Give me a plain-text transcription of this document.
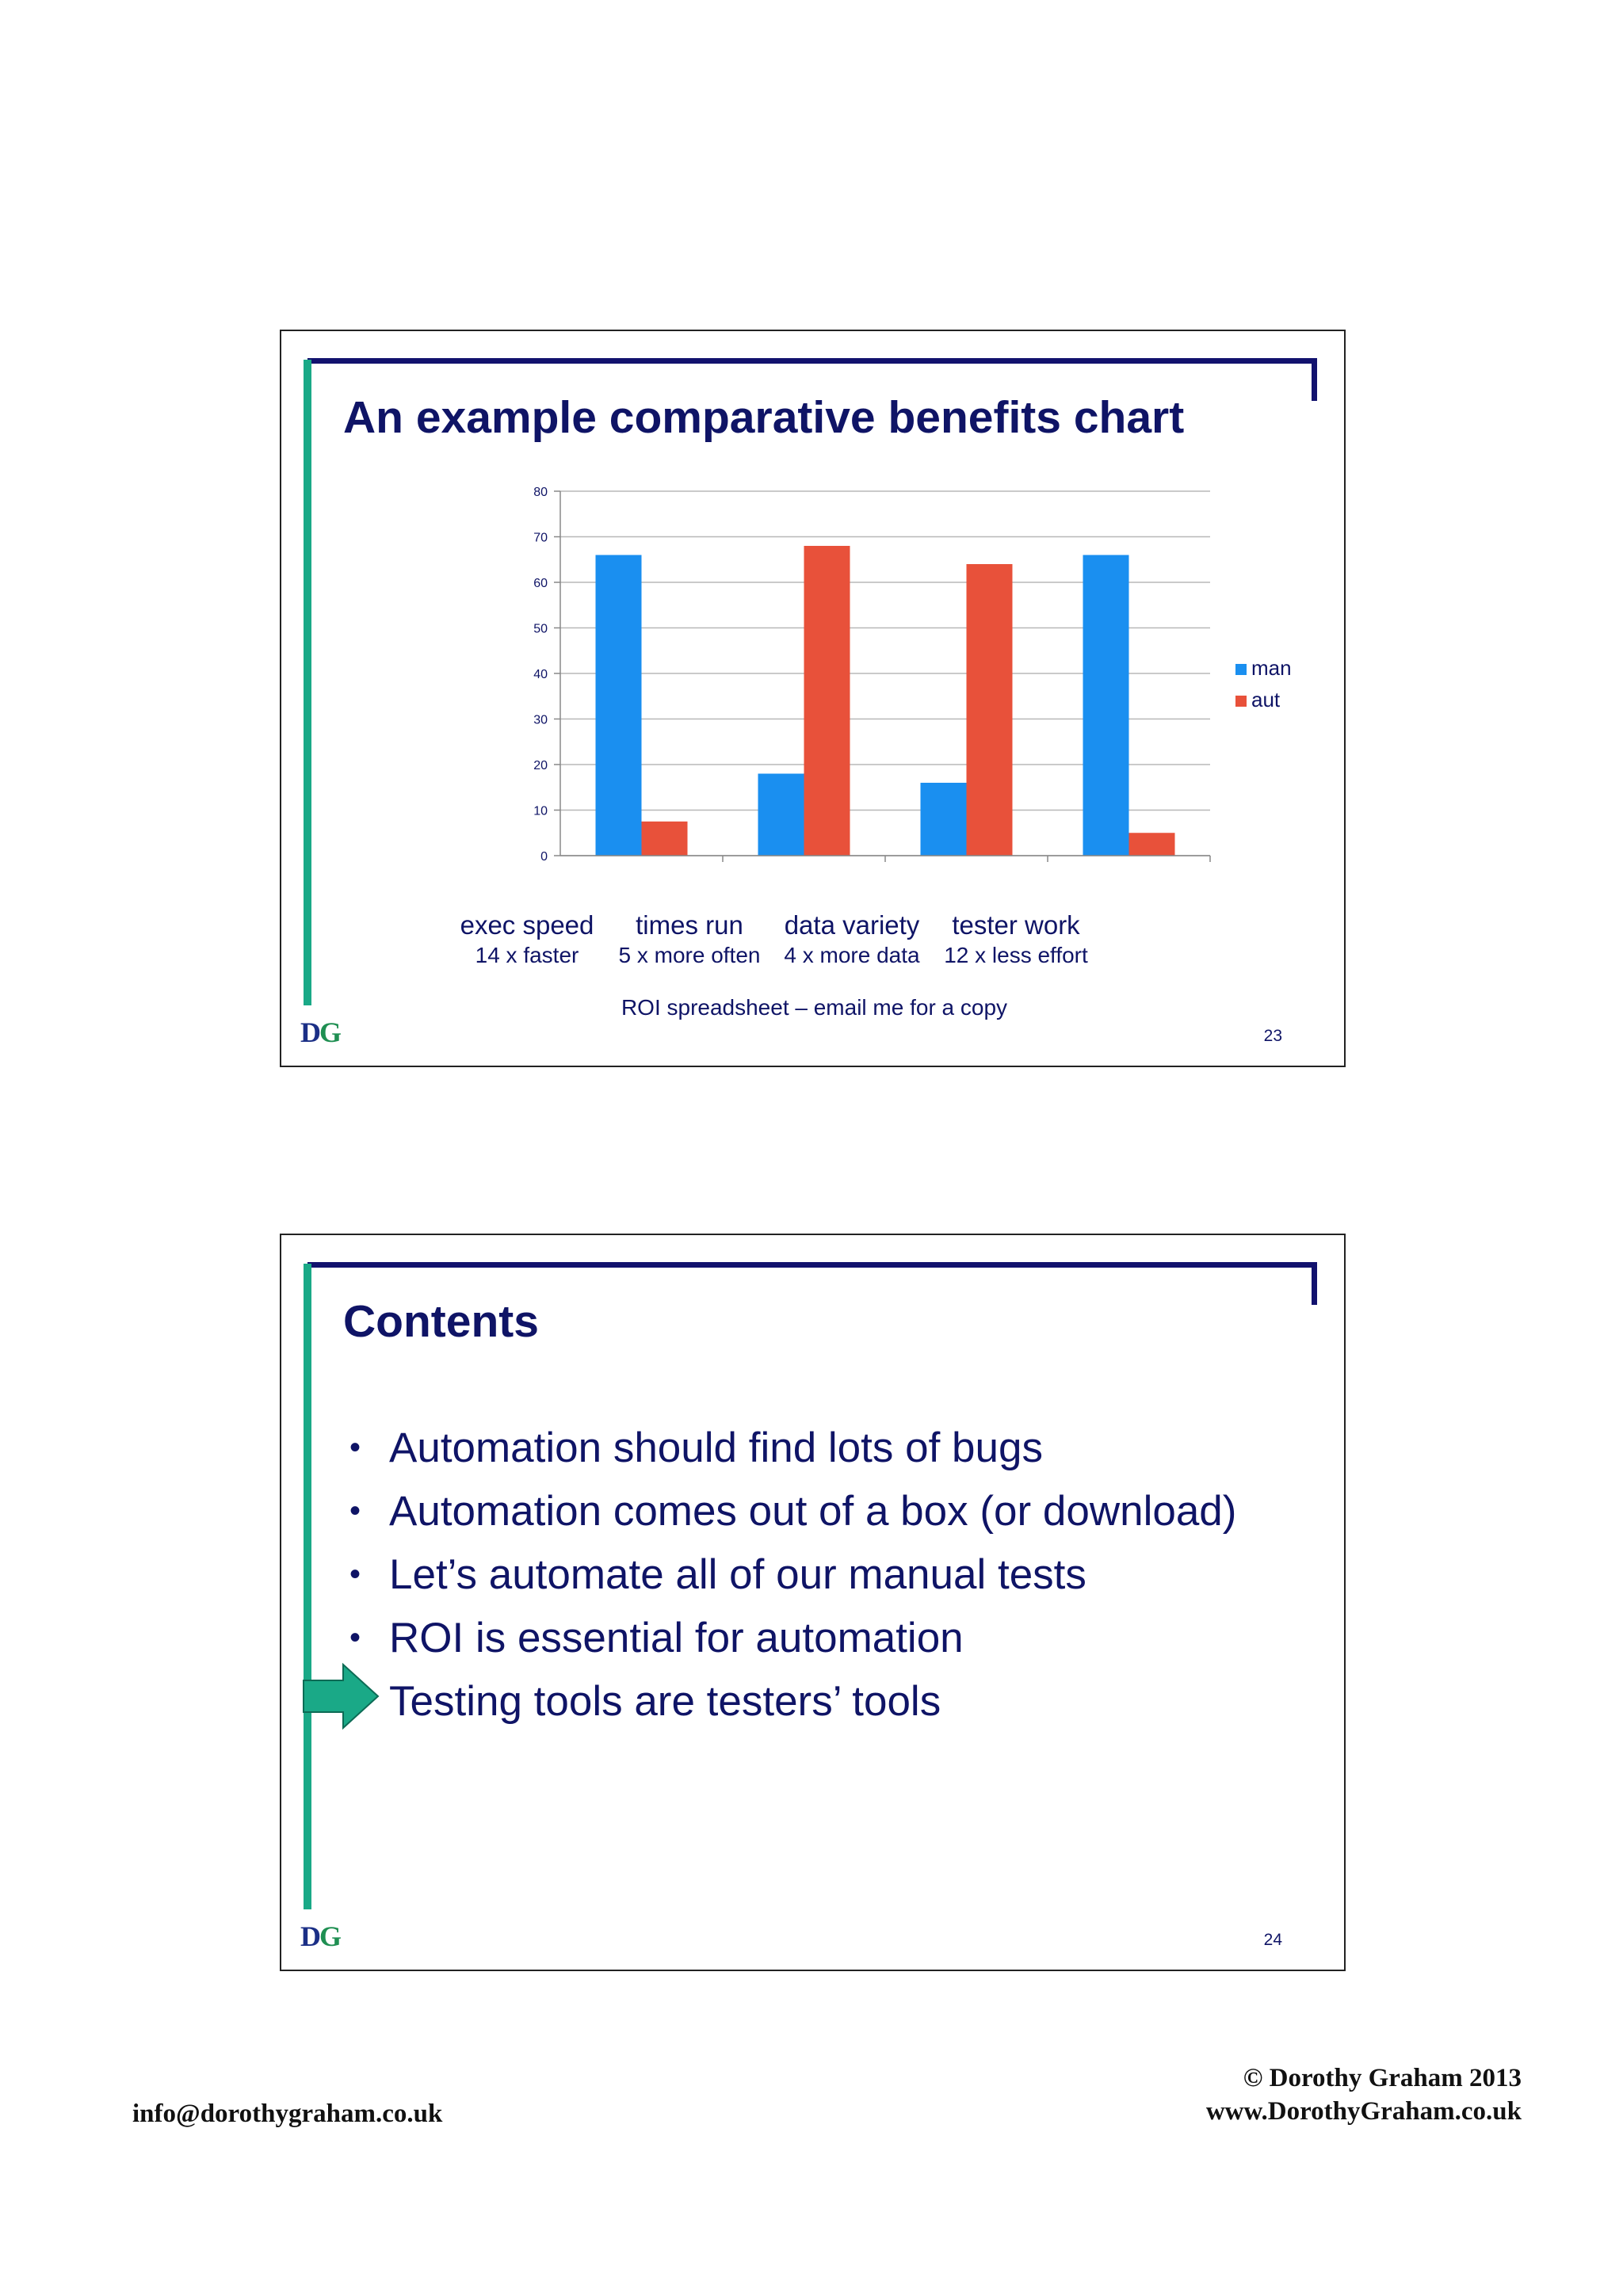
An example comparative benefits chart
0
10
20
30
40
50
60
70
80
man
aut
exec speed
14 x faster
times run
5 x more often
data variety
4 x more data
tester work
12 x less effort
ROI spreadsheet – email me for a copy
DG	23
Contents
• Automation should find lots of bugs
• Automation comes out of a box (or download)
• Let’s automate all of our manual tests
• ROI is essential for automation
Testing tools are testers’ tools
DG	24
© Dorothy Graham 2013
www.DorothyGraham.co.uk
info@dorothygraham.co.uk
